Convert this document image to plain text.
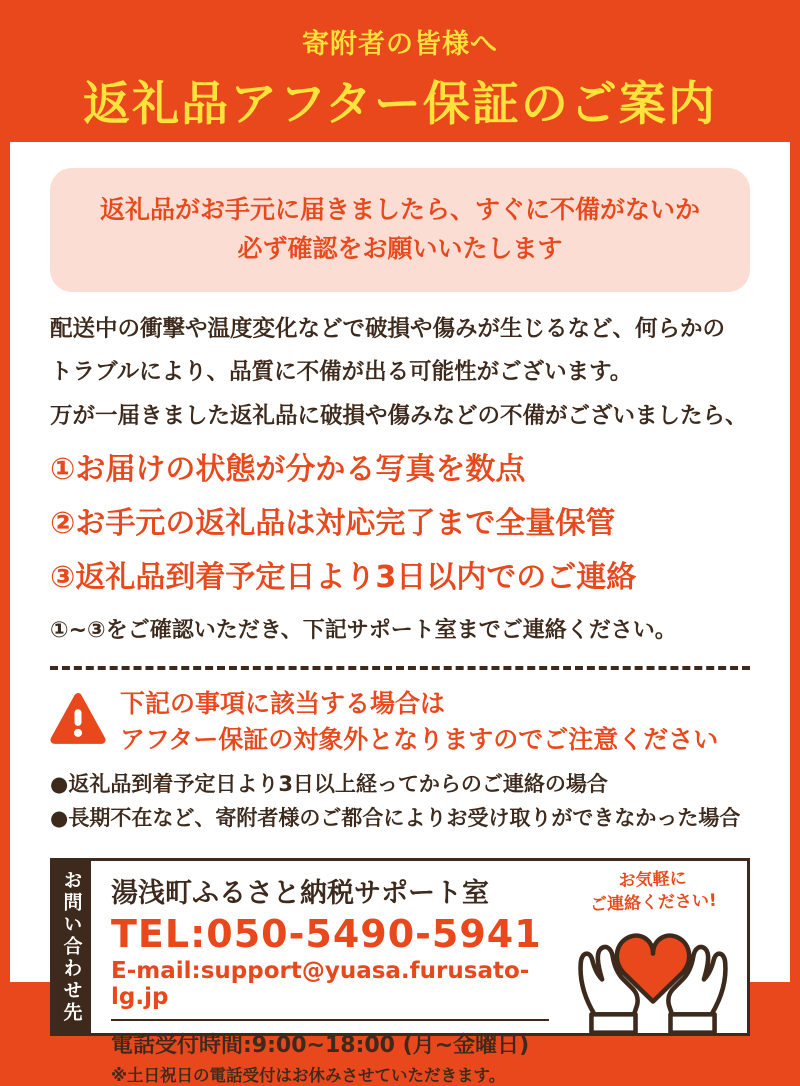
寄附者の皆様へ
返礼品アフター保証のご案内
返礼品がお手元に届きましたら、すぐに不備がないか
必ず確認をお願いいたします
配送中の衝撃や温度変化などで破損や傷みが生じるなど、何らかの
トラブルにより、品質に不備が出る可能性がございます。
万が一届きました返礼品に破損や傷みなどの不備がございましたら、
①お届けの状態が分かる写真を数点
②お手元の返礼品は対応完了まで全量保管
③返礼品到着予定日より3日以内でのご連絡
①~③をご確認いただき、下記サポート室までご連絡ください。
下記の事項に該当する場合は
アフター保証の対象外となりますのでご注意ください
●返礼品到着予定日より3日以上経ってからのご連絡の場合
●長期不在など、寄附者様のご都合によりお受け取りができなかった場合
お問い合わせ先	湯浅町ふるさと納税サポート室
TEL:050-5490-5941
E-mail:support@yuasa.furusato-lg.jp
電話受付時間:9:00~18:00 (月~金曜日)
※土日祝日の電話受付はお休みさせていただきます。
お気軽に
ご連絡ください!
